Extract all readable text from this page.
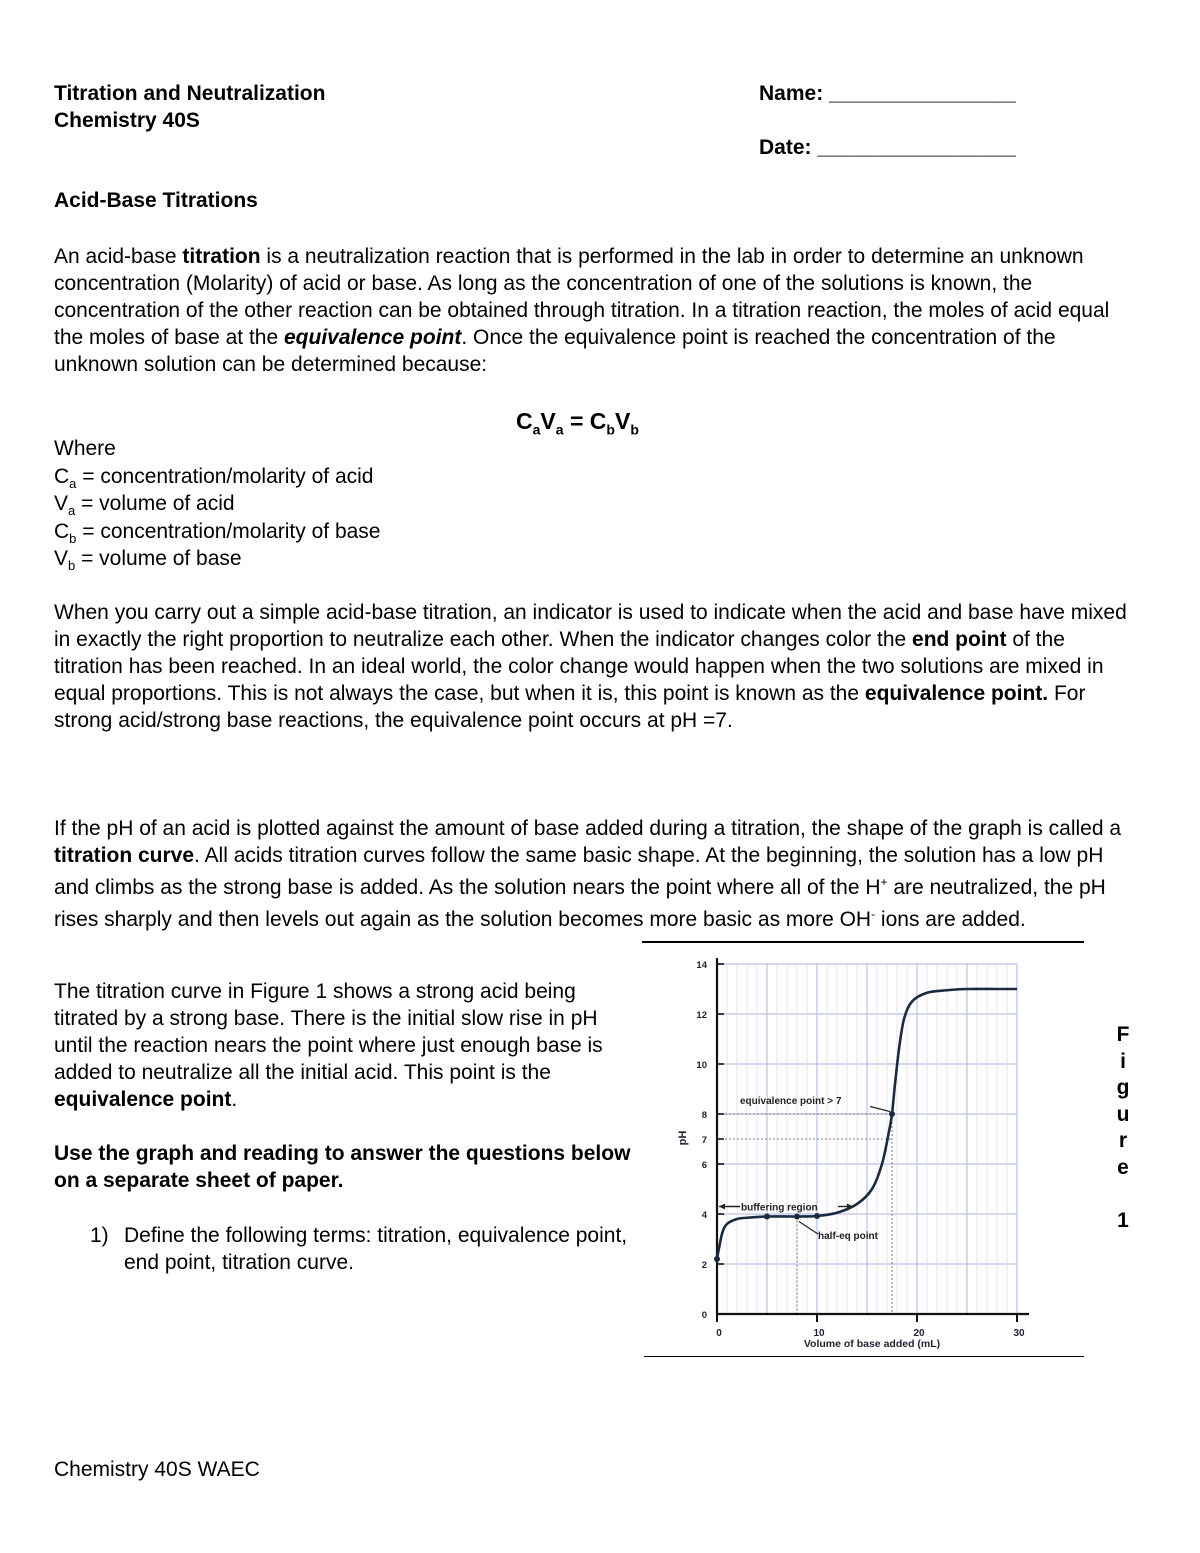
Titration and Neutralization
Chemistry 40S
Name: ________________
Date: _________________
Acid-Base Titrations

An acid-base titration is a neutralization reaction that is performed in the lab in order to determine an unknown concentration (Molarity) of acid or base. As long as the concentration of one of the solutions is known, the concentration of the other reaction can be obtained through titration. In a titration reaction, the moles of acid equal the moles of base at the equivalence point. Once the equivalence point is reached the concentration of the unknown solution can be determined because:

$C_aV_a = C_bV_b$
Where
$C_a$ = concentration/molarity of acid
$V_a$ = volume of acid
$C_b$ = concentration/molarity of base
$V_b$ = volume of base

When you carry out a simple acid-base titration, an indicator is used to indicate when the acid and base have mixed in exactly the right proportion to neutralize each other. When the indicator changes color the end point of the titration has been reached. In an ideal world, the color change would happen when the two solutions are mixed in equal proportions. This is not always the case, but when it is, this point is known as the equivalence point. For strong acid/strong base reactions, the equivalence point occurs at pH =7.

If the pH of an acid is plotted against the amount of base added during a titration, the shape of the graph is called a titration curve. All acids titration curves follow the same basic shape. At the beginning, the solution has a low pH and climbs as the strong base is added. As the solution nears the point where all of the H+ are neutralized, the pH rises sharply and then levels out again as the solution becomes more basic as more OH- ions are added.

The titration curve in Figure 1 shows a strong acid being titrated by a strong base. There is the initial slow rise in pH until the reaction nears the point where just enough base is added to neutralize all the initial acid. This point is the equivalence point.

Use the graph and reading to answer the questions below on a separate sheet of paper.

1) Define the following terms: titration, equivalence point, end point, titration curve.

0	10	20	30
0
2
4
6
7
8
10
12
14
equivalence point > 7
buffering region
half-eq point
Volume of base added (mL)
pH
F
i
g
u
r
e
1
Chemistry 40S WAEC
